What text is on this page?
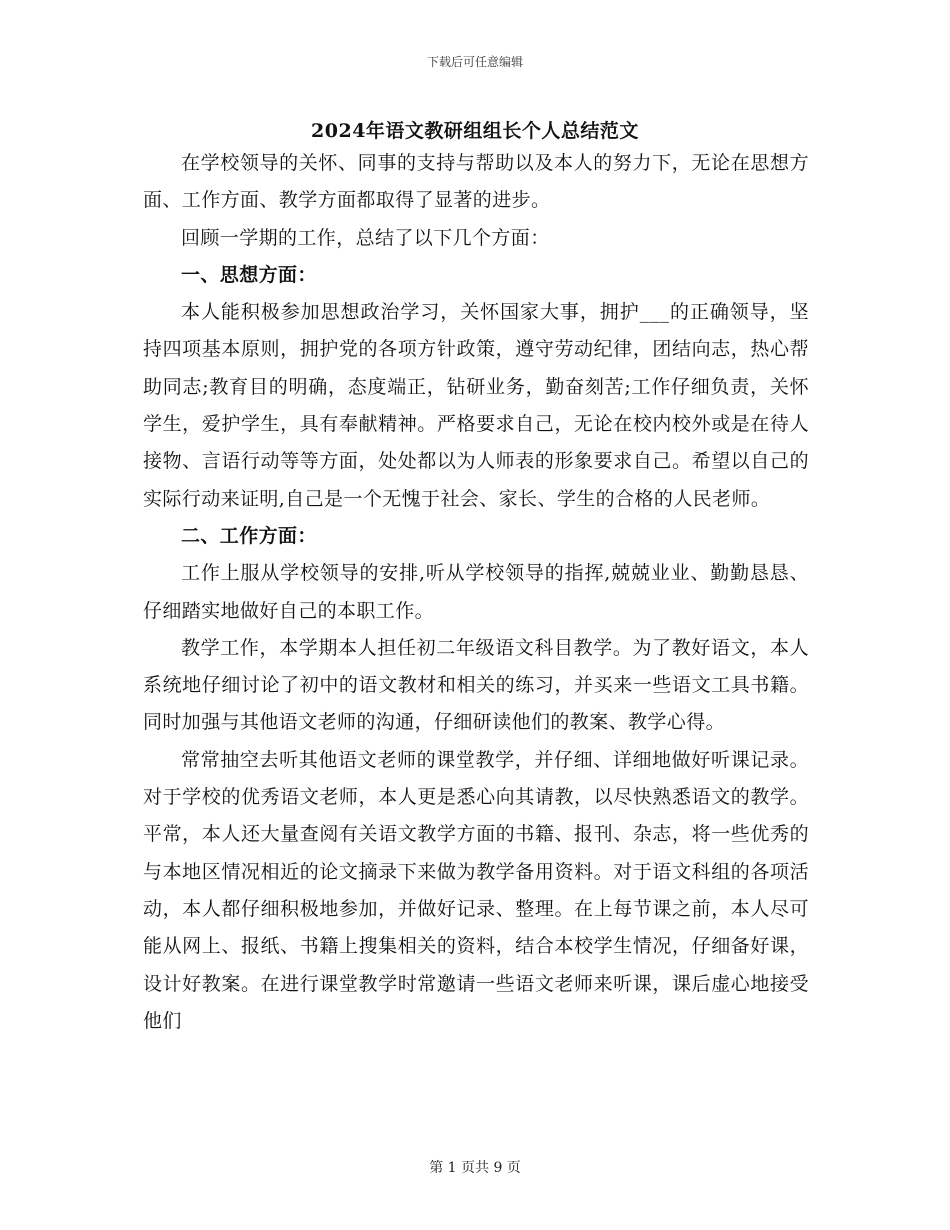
下载后可任意编辑
2024年语文教研组组长个人总结范文

在学校领导的关怀、同事的支持与帮助以及本人的努力下，无论在思想方面、工作方面、教学方面都取得了显著的进步。

回顾一学期的工作，总结了以下几个方面：

一、思想方面：

本人能积极参加思想政治学习，关怀国家大事，拥护___的正确领导，坚持四项基本原则，拥护党的各项方针政策，遵守劳动纪律，团结向志，热心帮助同志;教育目的明确，态度端正，钻研业务，勤奋刻苦;工作仔细负责，关怀学生，爱护学生，具有奉献精神。严格要求自己，无论在校内校外或是在待人接物、言语行动等等方面，处处都以为人师表的形象要求自己。希望以自己的实际行动来证明,自己是一个无愧于社会、家长、学生的合格的人民老师。

二、工作方面：

工作上服从学校领导的安排,听从学校领导的指挥,兢兢业业、勤勤恳恳、仔细踏实地做好自己的本职工作。

教学工作，本学期本人担任初二年级语文科目教学。为了教好语文，本人系统地仔细讨论了初中的语文教材和相关的练习，并买来一些语文工具书籍。同时加强与其他语文老师的沟通，仔细研读他们的教案、教学心得。

常常抽空去听其他语文老师的课堂教学，并仔细、详细地做好听课记录。对于学校的优秀语文老师，本人更是悉心向其请教，以尽快熟悉语文的教学。平常，本人还大量查阅有关语文教学方面的书籍、报刊、杂志，将一些优秀的与本地区情况相近的论文摘录下来做为教学备用资料。对于语文科组的各项活动，本人都仔细积极地参加，并做好记录、整理。在上每节课之前，本人尽可能从网上、报纸、书籍上搜集相关的资料，结合本校学生情况，仔细备好课，设计好教案。在进行课堂教学时常邀请一些语文老师来听课，课后虚心地接受他们

第 1 页共 9 页
